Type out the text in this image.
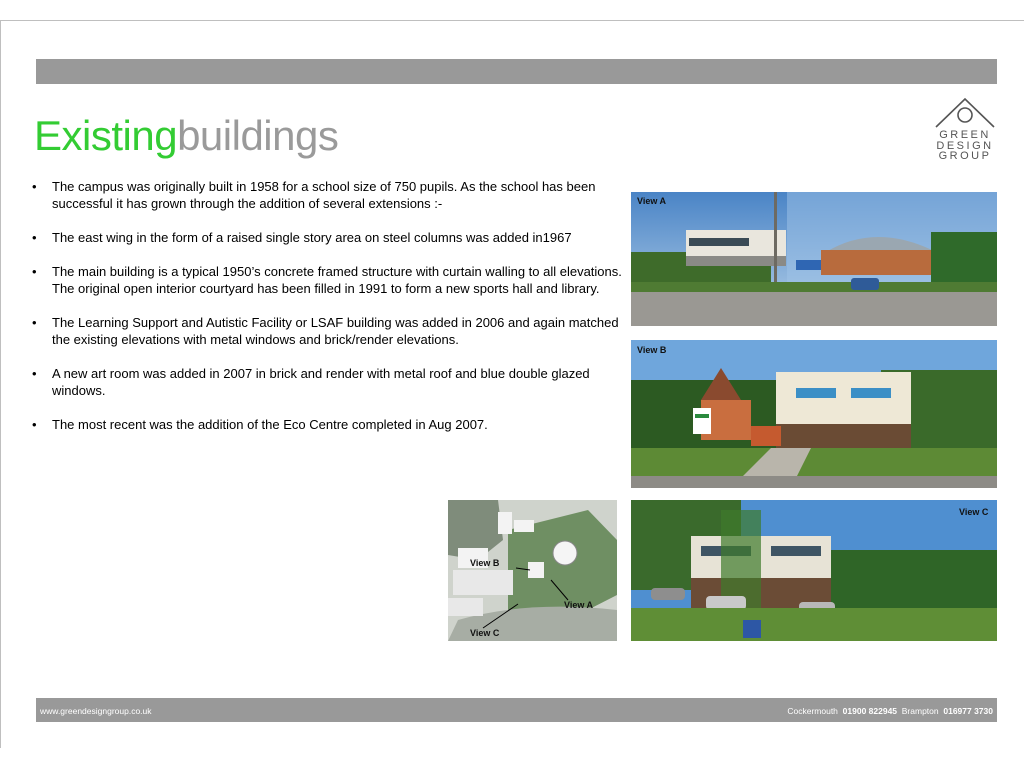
Existingbuildings	GREEN
DESIGN
GROUP
• The campus was originally built in 1958 for a school size of 750 pupils. As the school has been successful it has grown through the addition of several extensions :-
• The east wing in the form of a raised single story area on steel columns was added in1967
• The main building is a typical 1950’s concrete framed structure with curtain walling to all elevations. The original open interior courtyard has been filled in 1991 to form a new sports hall and library.
• The Learning Support and Autistic Facility or LSAF building was added in 2006 and again matched the existing elevations with metal windows and brick/render elevations.
• A new art room was added in 2007 in brick and render with metal roof and blue double glazed windows.
• The most recent was the addition of the Eco Centre completed in Aug 2007.
View A
View B
View B
View A
View C
View C
www.greendesigngroup.co.uk	Cockermouth 01900 822945 Brampton 016977 3730
